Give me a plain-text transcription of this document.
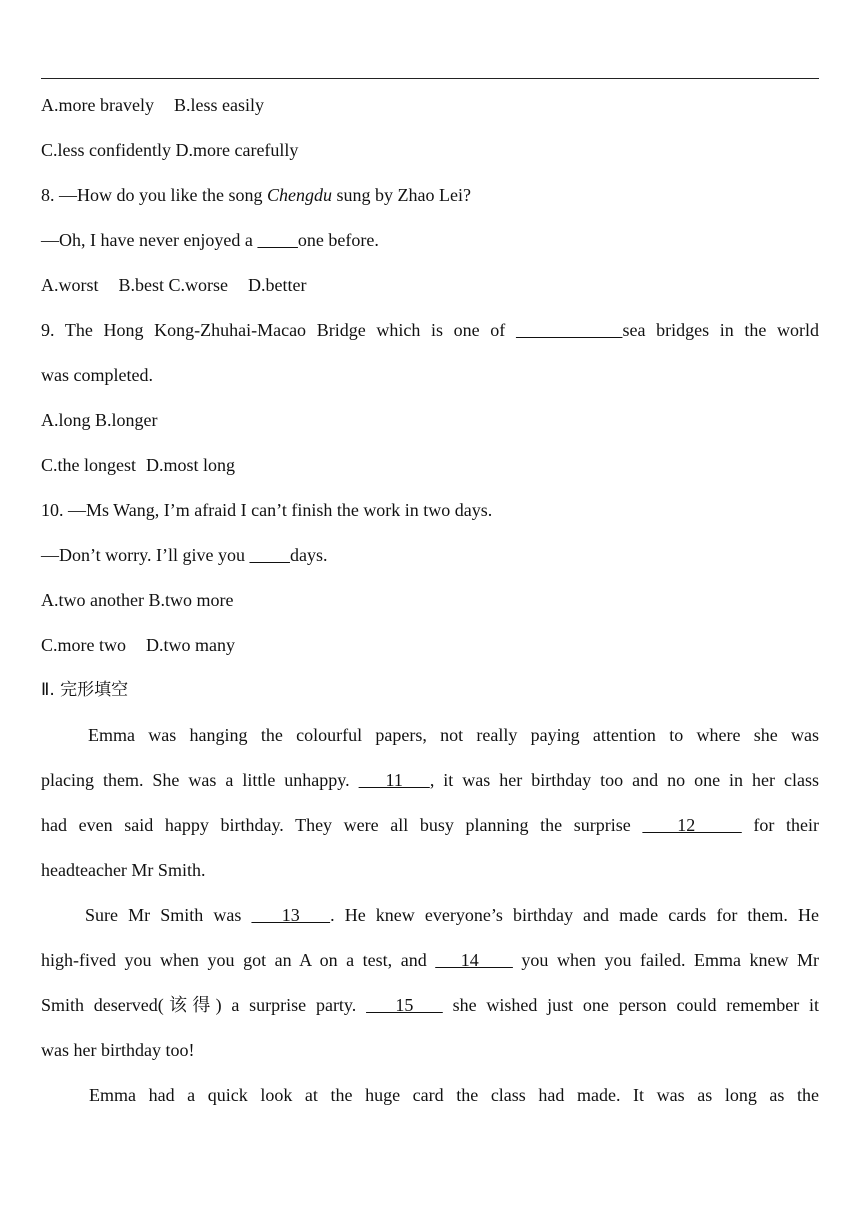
A.more bravely B.less easily
C.less confidently D.more carefully
8. —How do you like the song Chengdu sung by Zhao Lei?
—Oh, I have never enjoyed a          one before.
A.worst B.best C.worse D.better
9. The Hong Kong-Zhuhai-Macao Bridge which is one of	sea bridges in the world
was completed.
A.long B.longer
C.the longest D.most long
10. —Ms Wang, I’m afraid I can’t finish the work in two days.
—Don’t worry. I’ll give you          days.
A.two another B.two more
C.more two D.two many
Ⅱ. 完形填空
Emma was hanging the colourful papers, not really paying attention to where she was
placing them. She was a little unhappy.    11   , it was her birthday too and no one in her class
had even said happy birthday. They were all busy planning the surprise    12     for their
headteacher Mr Smith.
Sure Mr Smith was    13   . He knew everyone’s birthday and made cards for them. He
high-fived you when you got an A on a test, and    14     you when you failed. Emma knew Mr
Smith deserved(该得) a surprise party.    15    she wished just one person could remember it
was her birthday too!
Emma had a quick look at the huge card the class had made. It was as long as the
